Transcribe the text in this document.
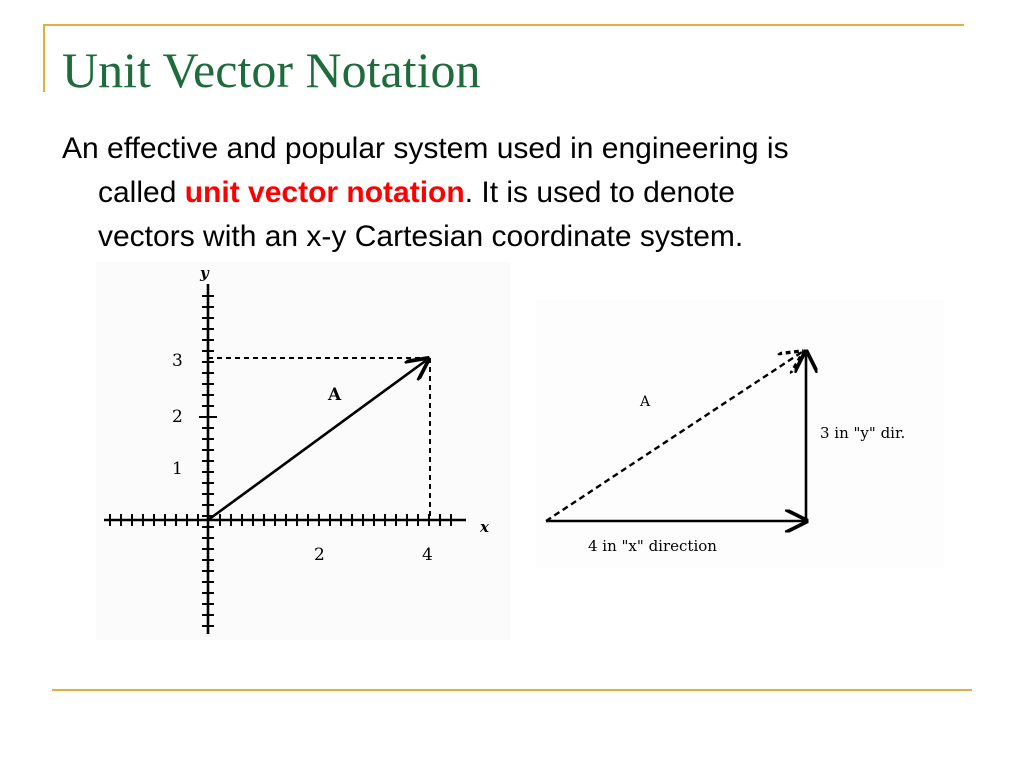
Unit Vector Notation
An effective and popular system used in engineering is
called unit vector notation. It is used to denote
vectors with an x-y Cartesian coordinate system.
y
x
3
2
1
2	4
A	A
4 in "x" direction
3 in "y" dir.
